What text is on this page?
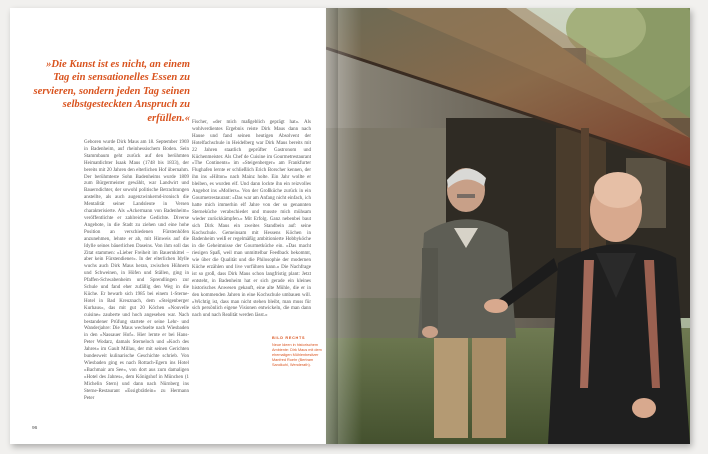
»Die Kunst ist es nicht, an einem Tag ein sensationelles Essen zu servieren, sondern jeden Tag seinen selbstgesteckten Anspruch zu erfüllen.«

Geboren wurde Dirk Maus am 18. September 1969 in Badenheim, auf rheinhessischem Boden. Sein Stammbaum geht zurück auf den berühmten Heimatdichter Isaak Maus (1748 bis 1833), der bereits mit 20 Jahren den elterlichen Hof übernahm. Der berühmteste Sohn Badenheims wurde 1809 zum Bürgermeister gewählt, war Landwirt und Bauerndichter, der sowohl politische Betrachtungen anstellte, als auch augenzwinkernd-ironisch die Mentalität seiner Landsleute in Versen charakterisierte. Als »Ackermann von Badenheim« veröffentlichte er zahlreiche Gedichte. Diverse Angebote, in die Stadt zu ziehen und eine hohe Position an verschiedenen Fürstenhöfen anzunehmen, lehnte er ab, mit Hinweis auf die Idylle seines bäuerlichen Daseins. Von ihm soll das Zitat stammen: »Lieber Freiheit im Bauernkittel – aber kein Fürstendiener«. In der elterlichen Idylle wuchs auch Dirk Maus heran, zwischen Hühnern und Schweinen, in Höfen und Ställen, ging in Pfaffen-Schwabenheim und Sprendlingen zur Schule und fand eher zufällig den Weg in die Küche. Er bewarb sich 1985 bei einem 1-Sterne-Hotel in Bad Kreuznach, dem »Steigenberger Kurhaus«, das mit gut 20 Köchen »Nouvelle cuisine« zauberte und hoch angesehen war. Nach bestandener Prüfung startete er seine Lehr- und Wanderjahre: Die Maus wechselte nach Wiesbaden in den »Nassauer Hof«. Hier lernte er bei Hans-Peter Wodarz, damals Sterneloch und »Koch des Jahres« im Gault Millau, der mit seinen Gerichten bundesweit kulinarische Geschichte schrieb. Von Wiesbaden ging es nach Rottach-Egern ins Hotel »Bachmair am See«, von dort aus zum damaligen »Hotel des Jahres«, dem Königshof in München (1 Michelin Stern) und dann nach Nürnberg ins Sterne-Restaurant »Essigbrätlein« zu Hermann Peter

Fischer, »der mich maßgeblich geprägt hat«. Als wohlverdientes Ergebnis reiste Dirk Maus dann nach Hause und fand seinen heutigen Absolvent der Hotelfachschule in Heidelberg war Dirk Maus bereits mit 22 Jahren staatlich geprüfter Gastronom und Küchenmeister. Als Chef de Cuisine im Gourmetrestaurant »The Continents« im »Steigenberger« am Frankfurter Flughafen lernte er schließlich Erich Borscher kennen, der ihn ins »Hilton« nach Mainz holte. Ein Jahr wollte er bleiben, es wurden elf. Und dann lockte ihn ein reizvolles Angebot ins »Mollers«. Von der Großküche zurück in ein Gourmetrestaurant: »Das war am Anfang nicht einfach, ich hatte mich immerhin elf Jahre von der so genannten Sterneküche verabschiedet und musste mich mühsam wieder zurückkämpfen.« Mit Erfolg. Ganz nebenbei baut sich Dirk Maus ein zweites Standbein auf: seine Kochschule. Gemeinsam mit Hessens Köchen in Badenheim weiß er regelmäßig ambitionierte Hobbyköche in die Geheimnisse der Gourmetküche ein. »Das macht riesigen Spaß, weil man unmittelbar Feedback bekommt, wie über die Qualität und die Philosophie der modernen Küche erzählen und live vorführen kann.« Die Nachfrage ist so groß, dass Dirk Maus schon langfristig plant: Jetzt entsteht, in Badenheim hat er sich gerade ein kleines historisches Anwesen gekauft, eine alte Mühle, die er in den kommenden Jahren in eine Kochschule umbauen will. »Wichtig ist, dass man nicht stehen bleibt, man muss für sich persönlich eigene Visionen entwickeln, die man dann nach und nach Realität werden lässt.«

96
BILD RECHTS
Neue Ideen in historischem Ambiente: Dirk Maus mit dem ehemaligen Mühlenbesitzer Manfred Roehr (Bertram Sandkuhl, Wenderath).
